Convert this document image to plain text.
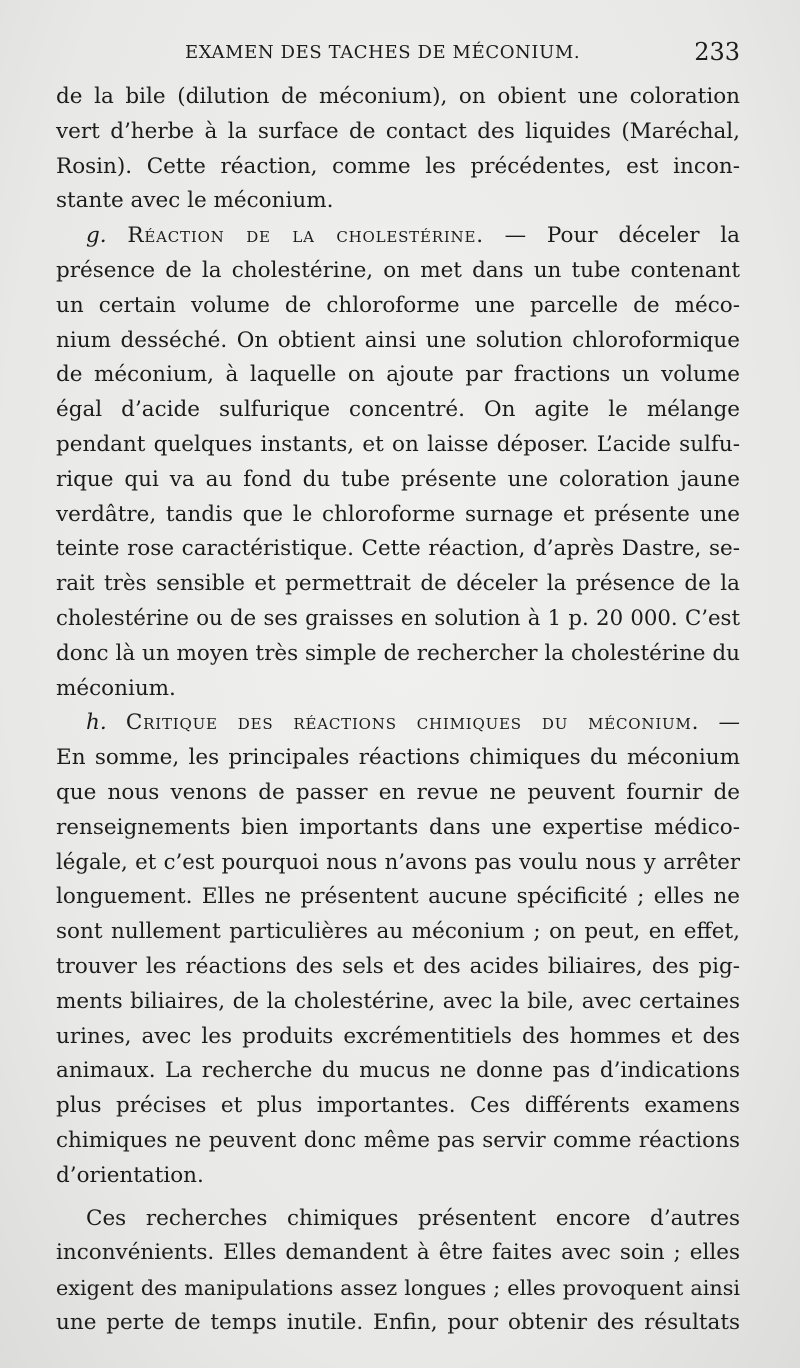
EXAMEN DES TACHES DE MÉCONIUM.	233
de la bile (dilution de méconium), on obient une coloration
vert d’herbe à la surface de contact des liquides (Maréchal,
Rosin). Cette réaction, comme les précédentes, est incon-
stante avec le méconium.
g. Réaction de la cholestérine. — Pour déceler la
présence de la cholestérine, on met dans un tube contenant
un certain volume de chloroforme une parcelle de méco-
nium desséché. On obtient ainsi une solution chloroformique
de méconium, à laquelle on ajoute par fractions un volume
égal d’acide sulfurique concentré. On agite le mélange
pendant quelques instants, et on laisse déposer. L’acide sulfu-
rique qui va au fond du tube présente une coloration jaune
verdâtre, tandis que le chloroforme surnage et présente une
teinte rose caractéristique. Cette réaction, d’après Dastre, se-
rait très sensible et permettrait de déceler la présence de la
cholestérine ou de ses graisses en solution à 1 p. 20 000. C’est
donc là un moyen très simple de rechercher la cholestérine du
méconium.
h. Critique des réactions chimiques du méconium. —
En somme, les principales réactions chimiques du méconium
que nous venons de passer en revue ne peuvent fournir de
renseignements bien importants dans une expertise médico-
légale, et c’est pourquoi nous n’avons pas voulu nous y arrêter
longuement. Elles ne présentent aucune spécificité ; elles ne
sont nullement particulières au méconium ; on peut, en effet,
trouver les réactions des sels et des acides biliaires, des pig-
ments biliaires, de la cholestérine, avec la bile, avec certaines
urines, avec les produits excrémentitiels des hommes et des
animaux. La recherche du mucus ne donne pas d’indications
plus précises et plus importantes. Ces différents examens
chimiques ne peuvent donc même pas servir comme réactions
d’orientation.
Ces recherches chimiques présentent encore d’autres
inconvénients. Elles demandent à être faites avec soin ; elles
exigent des manipulations assez longues ; elles provoquent ainsi
une perte de temps inutile. Enfin, pour obtenir des résultats
